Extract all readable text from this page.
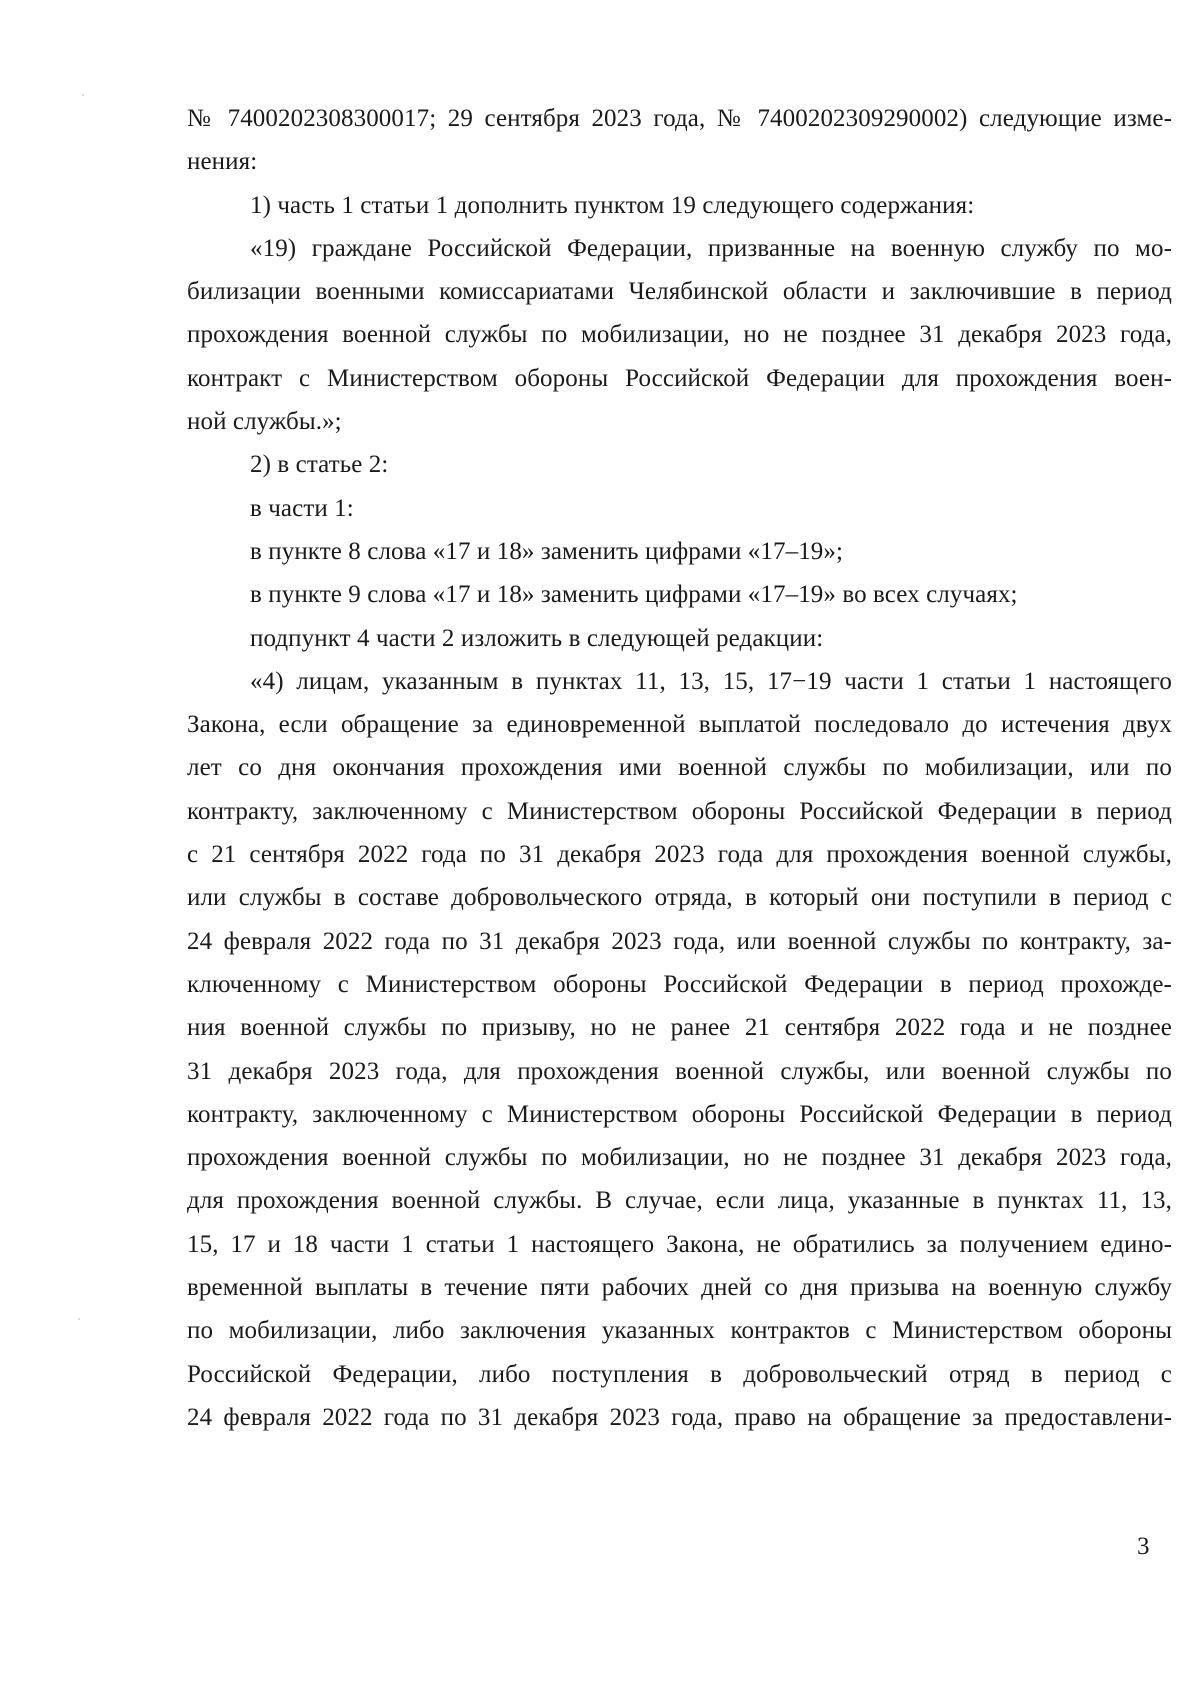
№ 7400202308300017; 29 сентября 2023 года, № 7400202309290002) следующие изме-
нения:
1) часть 1 статьи 1 дополнить пунктом 19 следующего содержания:
«19) граждане Российской Федерации, призванные на военную службу по мо-
билизации военными комиссариатами Челябинской области и заключившие в период
прохождения военной службы по мобилизации, но не позднее 31 декабря 2023 года,
контракт с Министерством обороны Российской Федерации для прохождения воен-
ной службы.»;
2) в статье 2:
в части 1:
в пункте 8 слова «17 и 18» заменить цифрами «17–19»;
в пункте 9 слова «17 и 18» заменить цифрами «17–19» во всех случаях;
подпункт 4 части 2 изложить в следующей редакции:
«4) лицам, указанным в пунктах 11, 13, 15, 17−19 части 1 статьи 1 настоящего
Закона, если обращение за единовременной выплатой последовало до истечения двух
лет со дня окончания прохождения ими военной службы по мобилизации, или по
контракту, заключенному с Министерством обороны Российской Федерации в период
с 21 сентября 2022 года по 31 декабря 2023 года для прохождения военной службы,
или службы в составе добровольческого отряда, в который они поступили в период с
24 февраля 2022 года по 31 декабря 2023 года, или военной службы по контракту, за-
ключенному с Министерством обороны Российской Федерации в период прохожде-
ния военной службы по призыву, но не ранее 21 сентября 2022 года и не позднее
31 декабря 2023 года, для прохождения военной службы, или военной службы по
контракту, заключенному с Министерством обороны Российской Федерации в период
прохождения военной службы по мобилизации, но не позднее 31 декабря 2023 года,
для прохождения военной службы. В случае, если лица, указанные в пунктах 11, 13,
15, 17 и 18 части 1 статьи 1 настоящего Закона, не обратились за получением едино-
временной выплаты в течение пяти рабочих дней со дня призыва на военную службу
по мобилизации, либо заключения указанных контрактов с Министерством обороны
Российской Федерации, либо поступления в добровольческий отряд в период с
24 февраля 2022 года по 31 декабря 2023 года, право на обращение за предоставлени-
3
